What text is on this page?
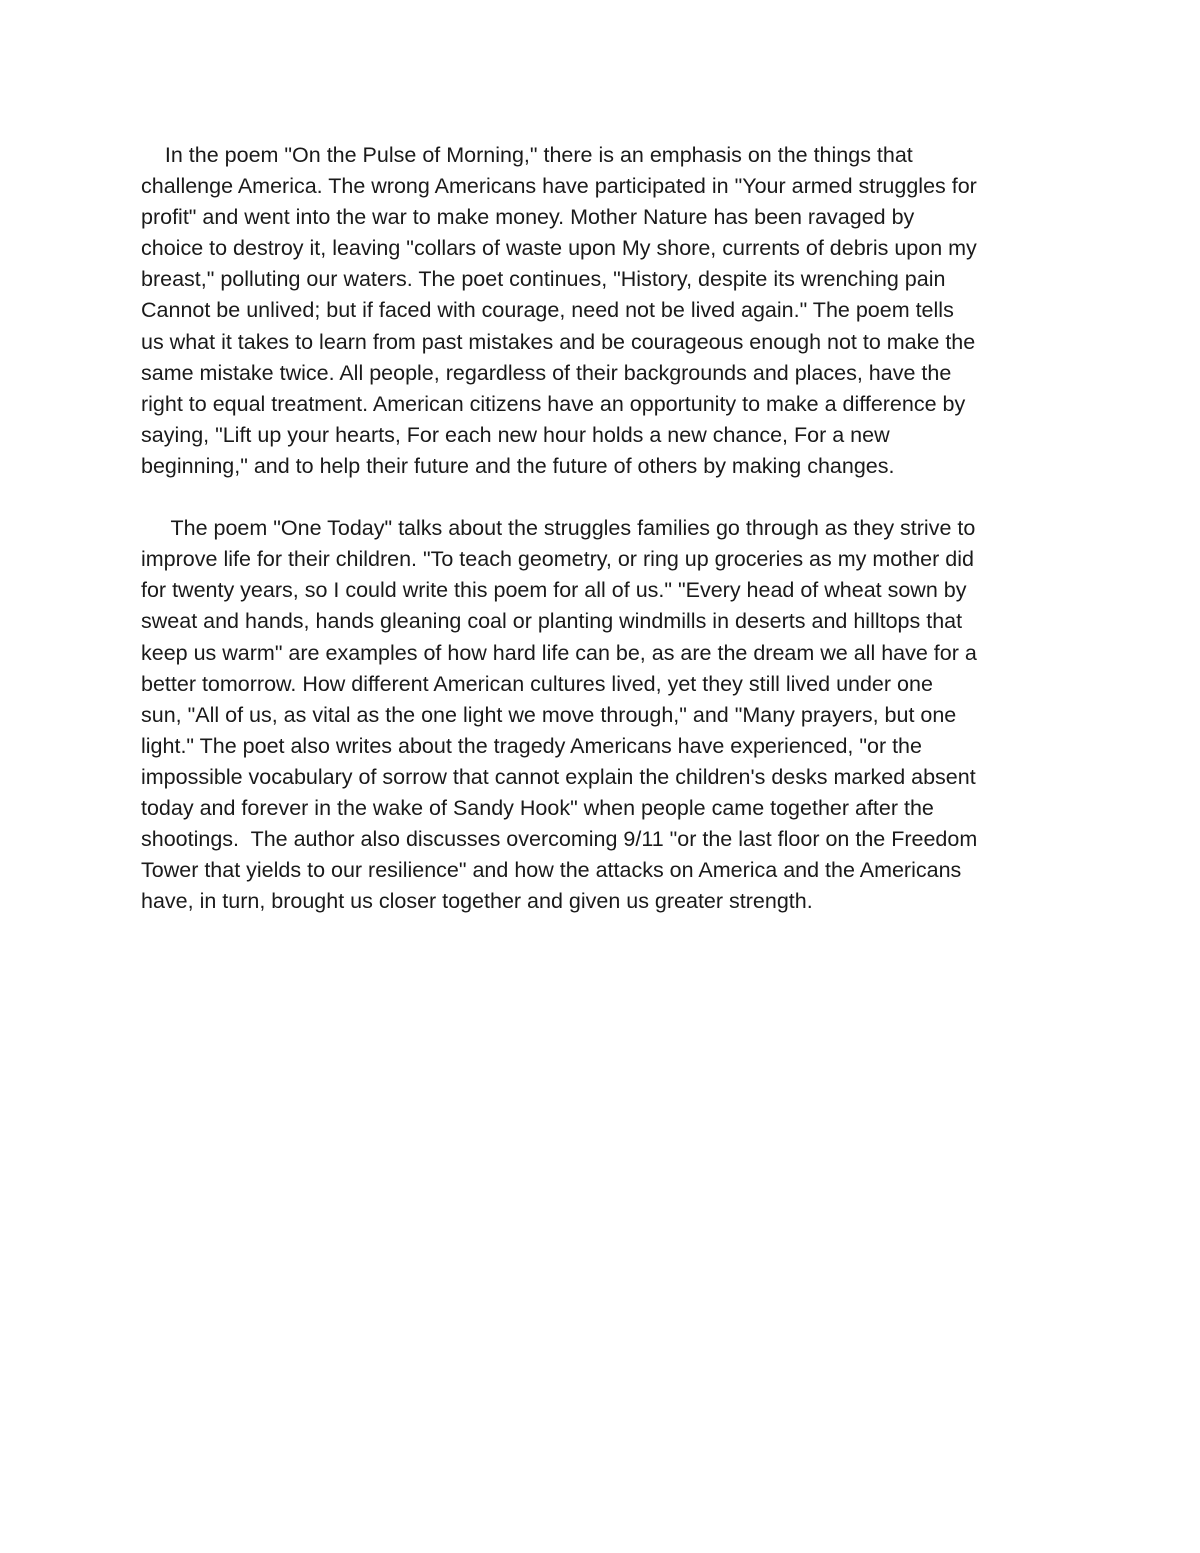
In the poem "On the Pulse of Morning," there is an emphasis on the things that
challenge America. The wrong Americans have participated in "Your armed struggles for
profit" and went into the war to make money. Mother Nature has been ravaged by
choice to destroy it, leaving "collars of waste upon My shore, currents of debris upon my
breast," polluting our waters. The poet continues, "History, despite its wrenching pain
Cannot be unlived; but if faced with courage, need not be lived again." The poem tells
us what it takes to learn from past mistakes and be courageous enough not to make the
same mistake twice. All people, regardless of their backgrounds and places, have the
right to equal treatment. American citizens have an opportunity to make a difference by
saying, "Lift up your hearts, For each new hour holds a new chance, For a new
beginning," and to help their future and the future of others by making changes.
The poem "One Today" talks about the struggles families go through as they strive to
improve life for their children. "To teach geometry, or ring up groceries as my mother did
for twenty years, so I could write this poem for all of us." "Every head of wheat sown by
sweat and hands, hands gleaning coal or planting windmills in deserts and hilltops that
keep us warm" are examples of how hard life can be, as are the dream we all have for a
better tomorrow. How different American cultures lived, yet they still lived under one
sun, "All of us, as vital as the one light we move through," and "Many prayers, but one
light." The poet also writes about the tragedy Americans have experienced, "or the
impossible vocabulary of sorrow that cannot explain the children's desks marked absent
today and forever in the wake of Sandy Hook" when people came together after the
shootings.  The author also discusses overcoming 9/11 "or the last floor on the Freedom
Tower that yields to our resilience" and how the attacks on America and the Americans
have, in turn, brought us closer together and given us greater strength.
